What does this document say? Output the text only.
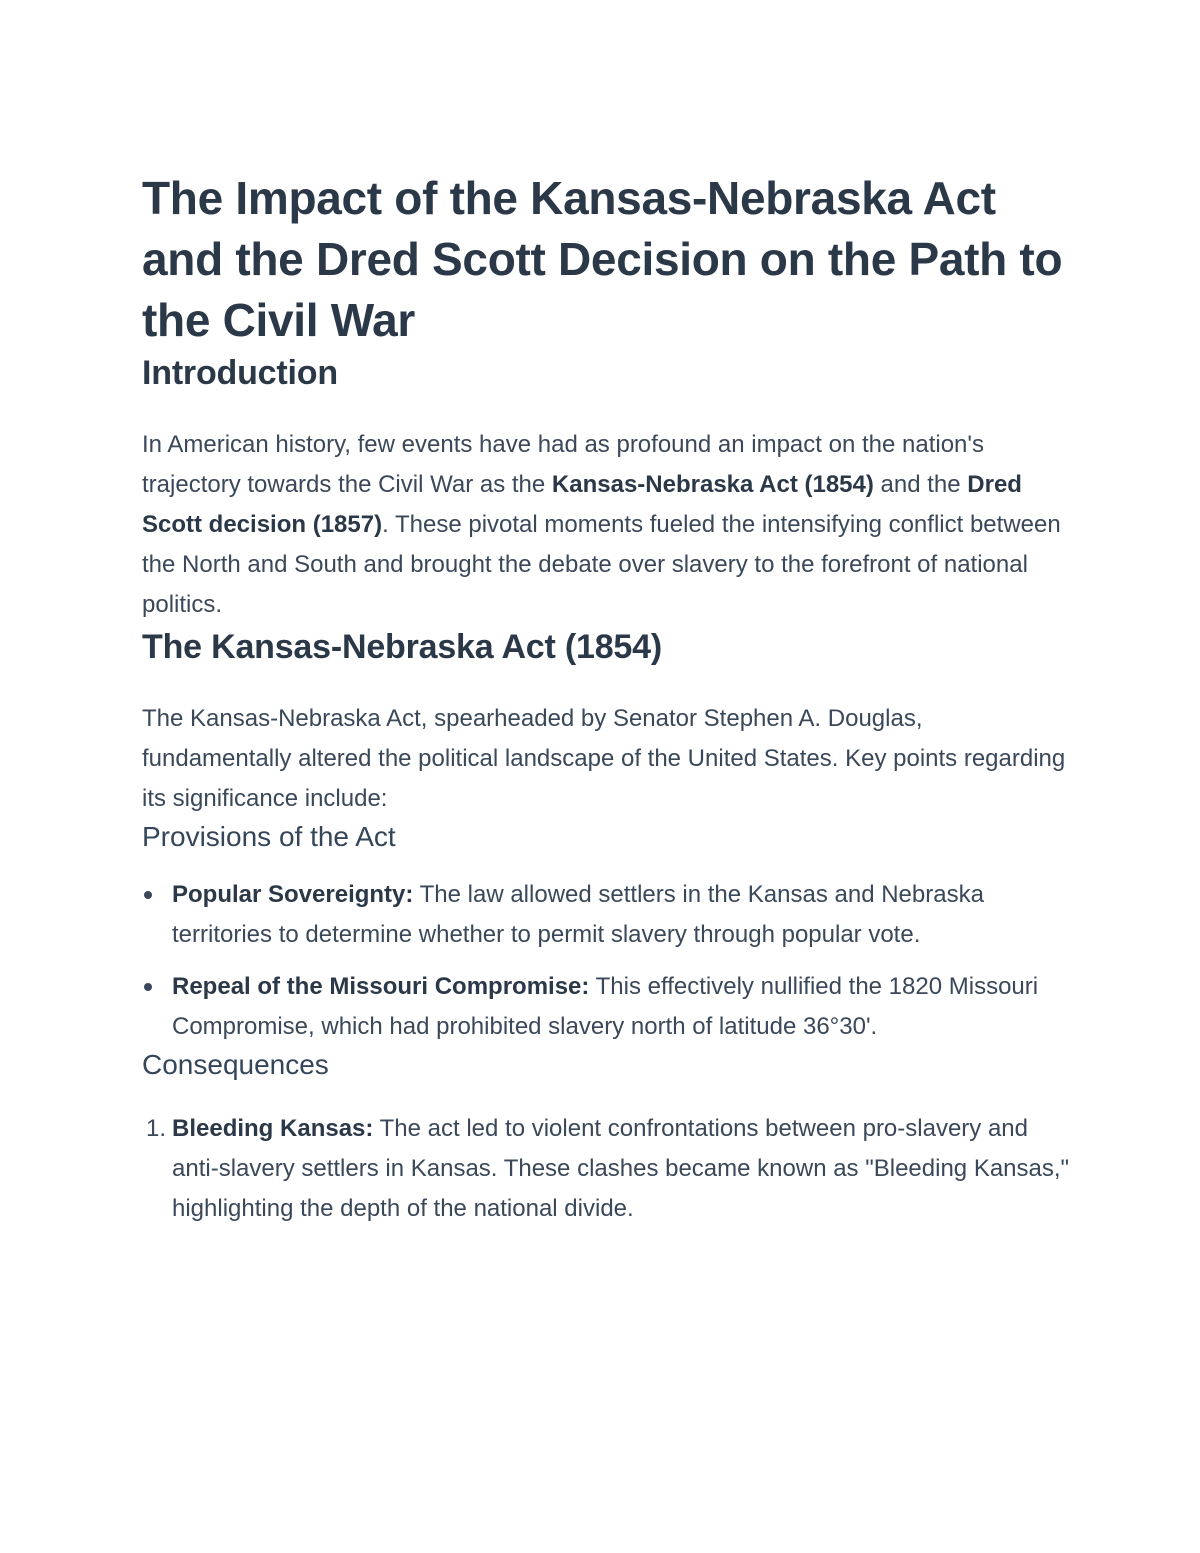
The Impact of the Kansas-Nebraska Act and the Dred Scott Decision on the Path to the Civil War
Introduction

In American history, few events have had as profound an impact on the nation's trajectory towards the Civil War as the Kansas-Nebraska Act (1854) and the Dred Scott decision (1857). These pivotal moments fueled the intensifying conflict between the North and South and brought the debate over slavery to the forefront of national politics.

The Kansas-Nebraska Act (1854)

The Kansas-Nebraska Act, spearheaded by Senator Stephen A. Douglas, fundamentally altered the political landscape of the United States. Key points regarding its significance include:

Provisions of the Act
Popular Sovereignty: The law allowed settlers in the Kansas and Nebraska territories to determine whether to permit slavery through popular vote.
Repeal of the Missouri Compromise: This effectively nullified the 1820 Missouri Compromise, which had prohibited slavery north of latitude 36°30'.
Consequences
1. Bleeding Kansas: The act led to violent confrontations between pro-slavery and anti-slavery settlers in Kansas. These clashes became known as "Bleeding Kansas," highlighting the depth of the national divide.
